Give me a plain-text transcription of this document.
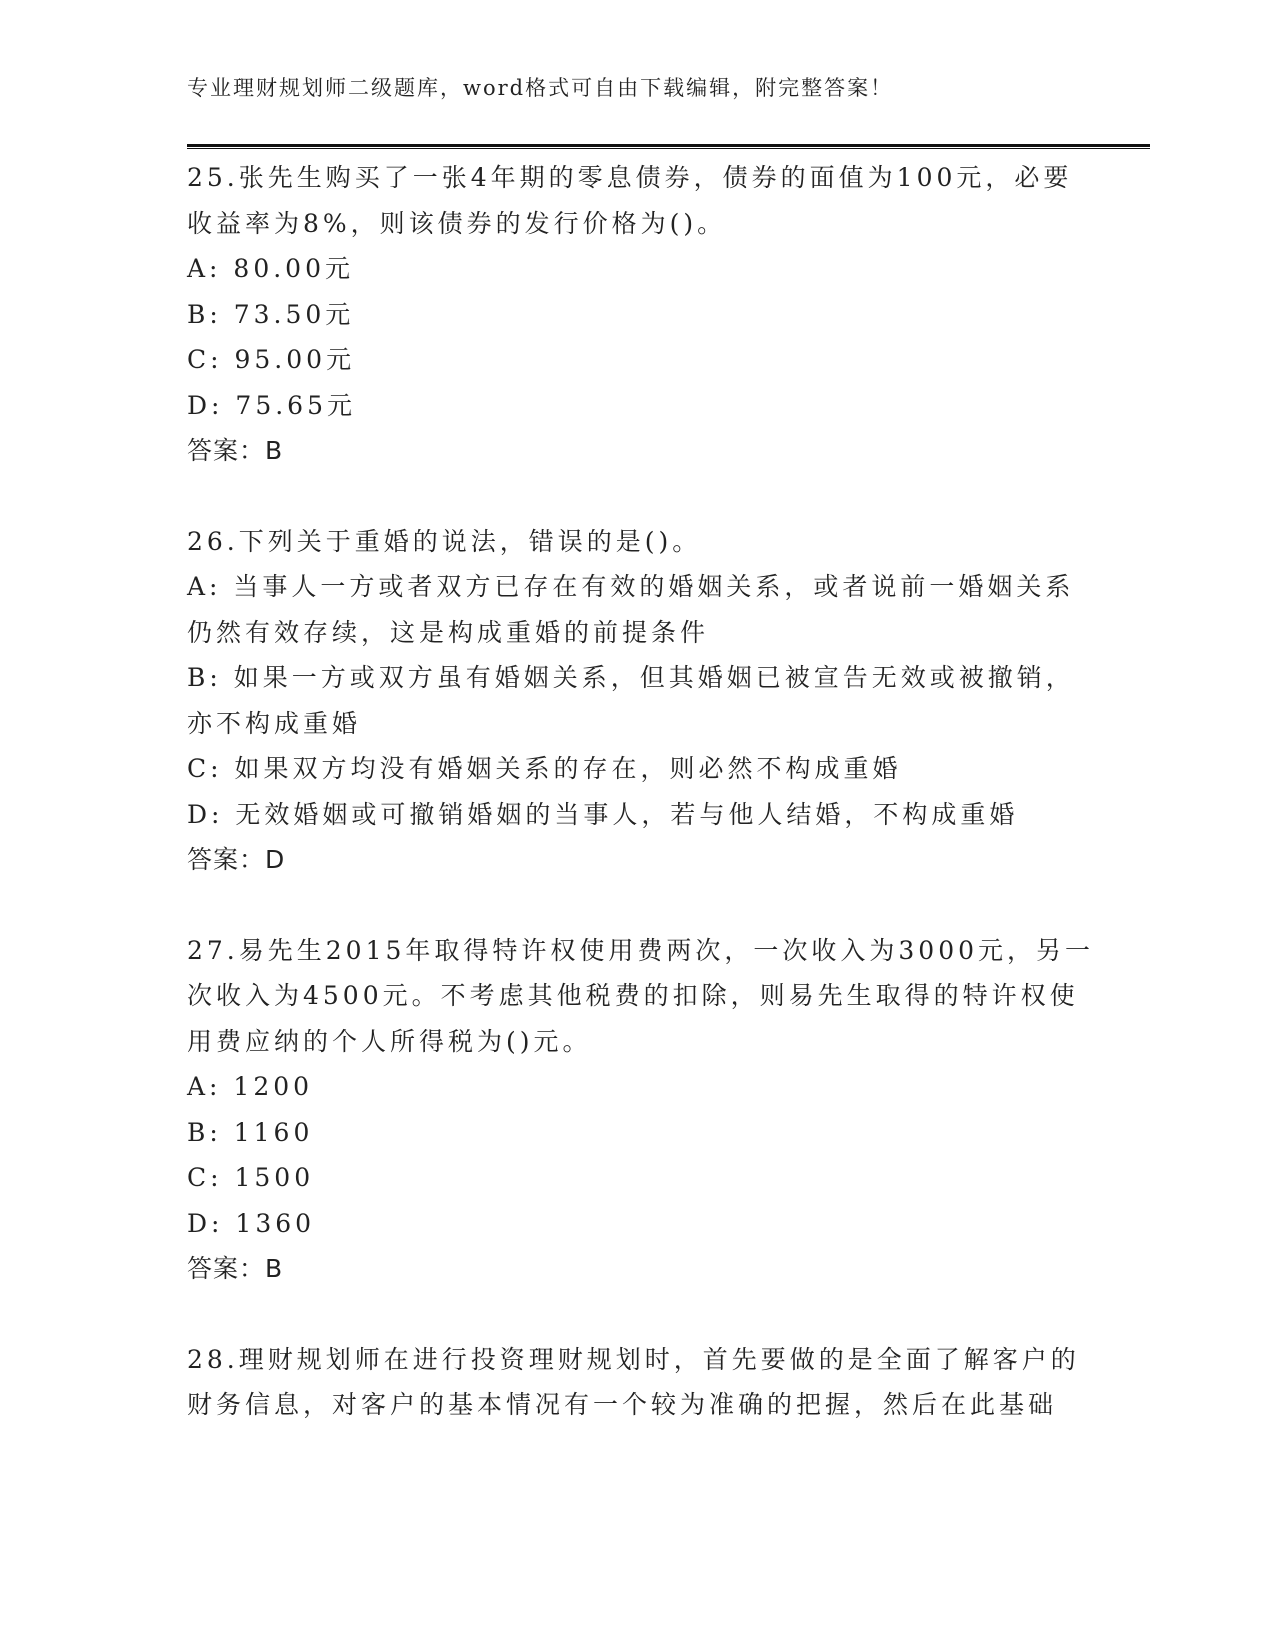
专业理财规划师二级题库，word格式可自由下载编辑，附完整答案！
25.张先生购买了一张4年期的零息债券，债券的面值为100元，必要
收益率为8%，则该债券的发行价格为()。
A: 80.00元
B: 73.50元
C: 95.00元
D: 75.65元
答案：B
26.下列关于重婚的说法，错误的是()。
A: 当事人一方或者双方已存在有效的婚姻关系，或者说前一婚姻关系
仍然有效存续，这是构成重婚的前提条件
B: 如果一方或双方虽有婚姻关系，但其婚姻已被宣告无效或被撤销，
亦不构成重婚
C: 如果双方均没有婚姻关系的存在，则必然不构成重婚
D: 无效婚姻或可撤销婚姻的当事人，若与他人结婚，不构成重婚
答案：D
27.易先生2015年取得特许权使用费两次，一次收入为3000元，另一
次收入为4500元。不考虑其他税费的扣除，则易先生取得的特许权使
用费应纳的个人所得税为()元。
A: 1200
B: 1160
C: 1500
D: 1360
答案：B
28.理财规划师在进行投资理财规划时，首先要做的是全面了解客户的
财务信息，对客户的基本情况有一个较为准确的把握，然后在此基础
